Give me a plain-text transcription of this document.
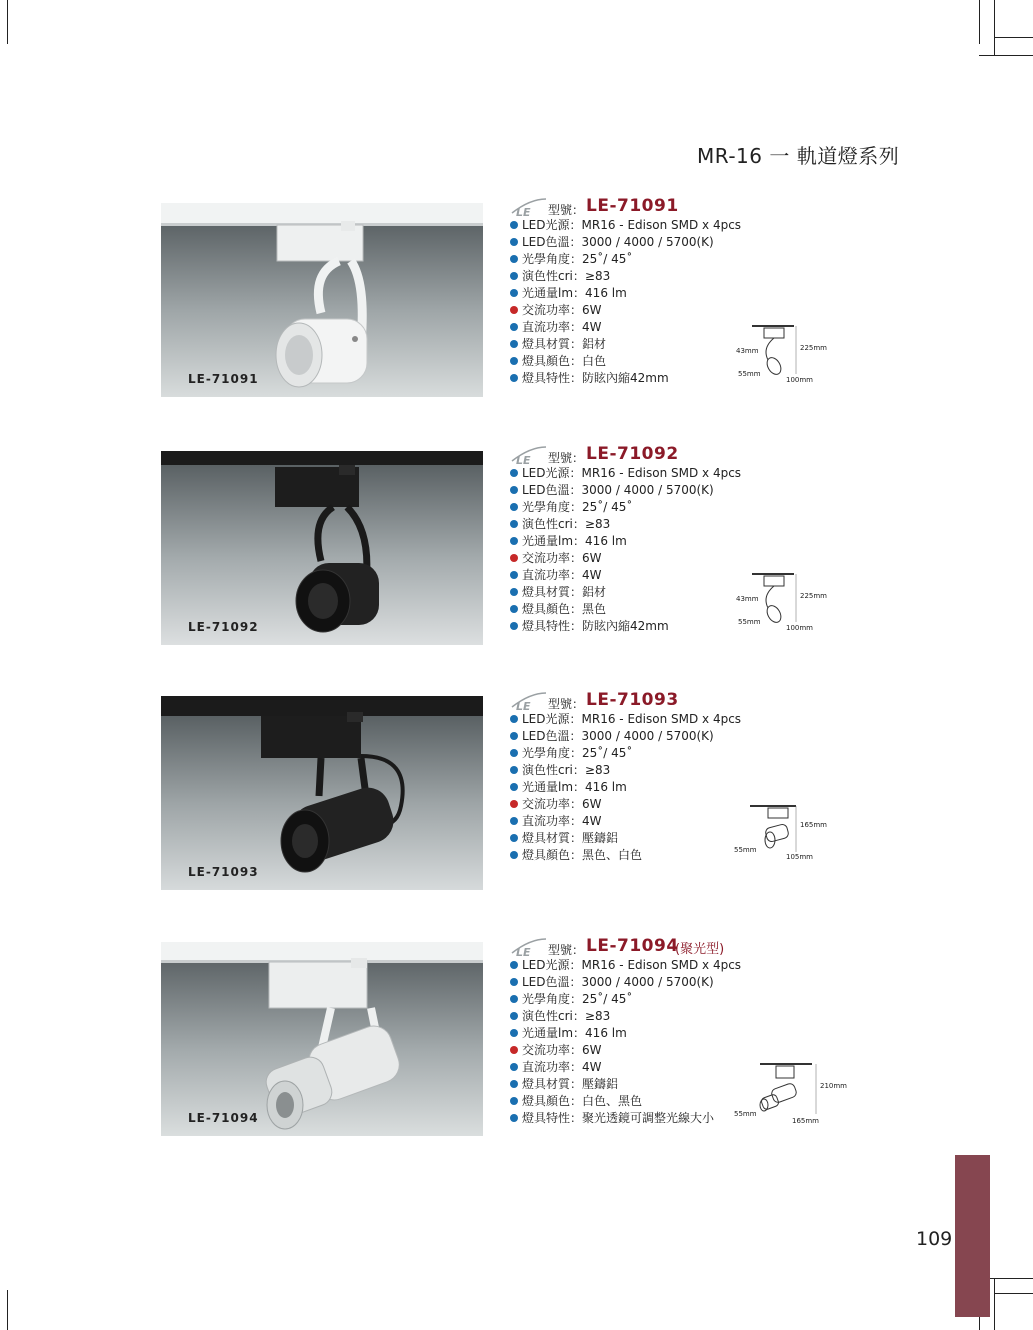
MR-16 一 軌道燈系列
LE-71091
LE 型號： LE-71091
LED光源：MR16 - Edison SMD x 4pcs
LED色溫：3000 / 4000 / 5700(K)
光學角度：25˚/ 45˚
演色性cri：≥83
光通量lm：416 lm
交流功率：6W
直流功率：4W
燈具材質：鋁材
燈具顏色：白色
燈具特性：防眩內縮42mm
225mm
43mm
55mm
100mm
LE-71092
LE 型號： LE-71092
LED光源：MR16 - Edison SMD x 4pcs
LED色溫：3000 / 4000 / 5700(K)
光學角度：25˚/ 45˚
演色性cri：≥83
光通量lm：416 lm
交流功率：6W
直流功率：4W
燈具材質：鋁材
燈具顏色：黑色
燈具特性：防眩內縮42mm
225mm
43mm
55mm
100mm
LE-71093
LE 型號： LE-71093
LED光源：MR16 - Edison SMD x 4pcs
LED色溫：3000 / 4000 / 5700(K)
光學角度：25˚/ 45˚
演色性cri：≥83
光通量lm：416 lm
交流功率：6W
直流功率：4W
燈具材質：壓鑄鋁
燈具顏色：黑色、白色
165mm
55mm
105mm
LE-71094
LE 型號： LE-71094
(聚光型)
LED光源：MR16 - Edison SMD x 4pcs
LED色溫：3000 / 4000 / 5700(K)
光學角度：25˚/ 45˚
演色性cri：≥83
光通量lm：416 lm
交流功率：6W
直流功率：4W
燈具材質：壓鑄鋁
燈具顏色：白色、黑色
燈具特性：聚光透鏡可調整光線大小
210mm
55mm
165mm
109
